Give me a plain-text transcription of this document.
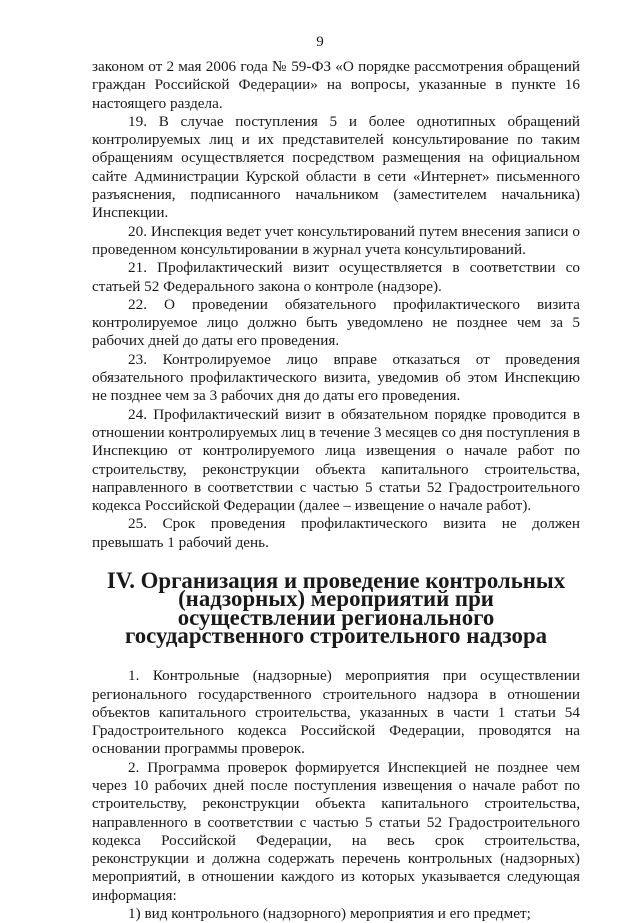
9

законом от 2 мая 2006 года № 59-ФЗ «О порядке рассмотрения обращений граждан Российской Федерации» на вопросы, указанные в пункте 16 настоящего раздела.

19. В случае поступления 5 и более однотипных обращений контролируемых лиц и их представителей консультирование по таким обращениям осуществляется посредством размещения на официальном сайте Администрации Курской области в сети «Интернет» письменного разъяснения, подписанного начальником (заместителем начальника) Инспекции.

20. Инспекция ведет учет консультирований путем внесения записи о проведенном консультировании в журнал учета консультирований.

21. Профилактический визит осуществляется в соответствии со статьей 52 Федерального закона о контроле (надзоре).

22. О проведении обязательного профилактического визита контролируемое лицо должно быть уведомлено не позднее чем за 5 рабочих дней до даты его проведения.

23. Контролируемое лицо вправе отказаться от проведения обязательного профилактического визита, уведомив об этом Инспекцию не позднее чем за 3 рабочих дня до даты его проведения.

24. Профилактический визит в обязательном порядке проводится в отношении контролируемых лиц в течение 3 месяцев со дня поступления в Инспекцию от контролируемого лица извещения о начале работ по строительству, реконструкции объекта капитального строительства, направленного в соответствии с частью 5 статьи 52 Градостроительного кодекса Российской Федерации (далее – извещение о начале работ).

25. Срок проведения профилактического визита не должен превышать 1 рабочий день.

IV. Организация и проведение контрольных (надзорных) мероприятий при осуществлении регионального государственного строительного надзора

1. Контрольные (надзорные) мероприятия при осуществлении регионального государственного строительного надзора в отношении объектов капитального строительства, указанных в части 1 статьи 54 Градостроительного кодекса Российской Федерации, проводятся на основании программы проверок.

2. Программа проверок формируется Инспекцией не позднее чем через 10 рабочих дней после поступления извещения о начале работ по строительству, реконструкции объекта капитального строительства, направленного в соответствии с частью 5 статьи 52 Градостроительного кодекса Российской Федерации, на весь срок строительства, реконструкции и должна содержать перечень контрольных (надзорных) мероприятий, в отношении каждого из которых указывается следующая информация:

1) вид контрольного (надзорного) мероприятия и его предмет;
